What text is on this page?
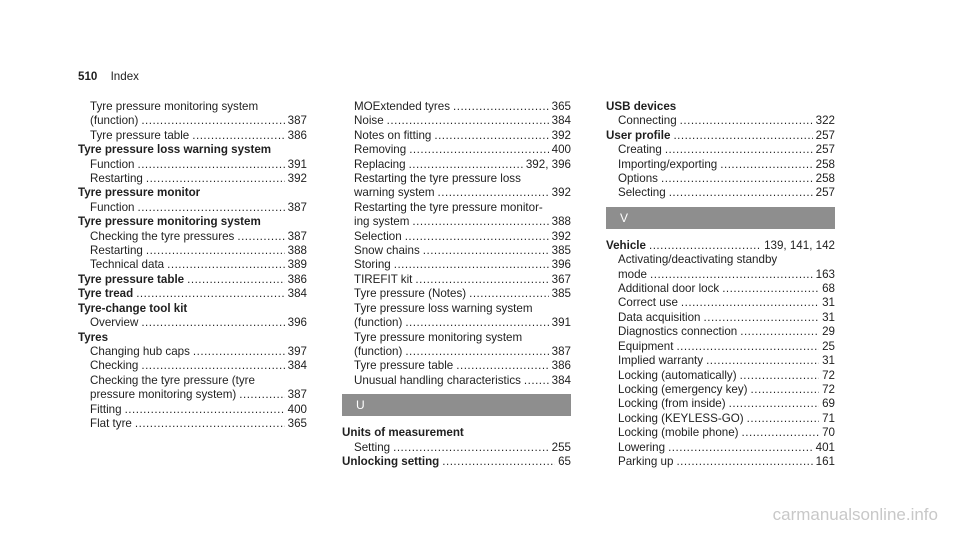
510 Index
Tyre pressure monitoring system
(function) .....	387
Tyre pressure table .....	386
Tyre pressure loss warning system
Function .....	391
Restarting .....	392
Tyre pressure monitor
Function .....	387
Tyre pressure monitoring system
Checking the tyre pressures .....	387
Restarting .....	388
Technical data .....	389
Tyre pressure table .....	386
Tyre tread .....	384
Tyre-change tool kit
Overview .....	396
Tyres
Changing hub caps .....	397
Checking .....	384
Checking the tyre pressure (tyre
pressure monitoring system) .....	387
Fitting .....	400
Flat tyre .....	365
MOExtended tyres .....	365
Noise .....	384
Notes on fitting .....	392
Removing .....	400
Replacing .....	392, 396
Restarting the tyre pressure loss
warning system .....	392
Restarting the tyre pressure monitor-
ing system .....	388
Selection .....	392
Snow chains .....	385
Storing .....	396
TIREFIT kit .....	367
Tyre pressure (Notes) .....	385
Tyre pressure loss warning system
(function) .....	391
Tyre pressure monitoring system
(function) .....	387
Tyre pressure table .....	386
Unusual handling characteristics .....	384
U
Units of measurement
Setting .....	255
Unlocking setting .....	65
USB devices
Connecting .....	322
User profile .....	257
Creating .....	257
Importing/exporting .....	258
Options .....	258
Selecting .....	257
V
Vehicle .....	139, 141, 142
Activating/deactivating standby
mode .....	163
Additional door lock .....	68
Correct use .....	31
Data acquisition .....	31
Diagnostics connection .....	29
Equipment .....	25
Implied warranty .....	31
Locking (automatically) .....	72
Locking (emergency key) .....	72
Locking (from inside) .....	69
Locking (KEYLESS-GO) .....	71
Locking (mobile phone) .....	70
Lowering .....	401
Parking up .....	161
carmanualsonline.info
